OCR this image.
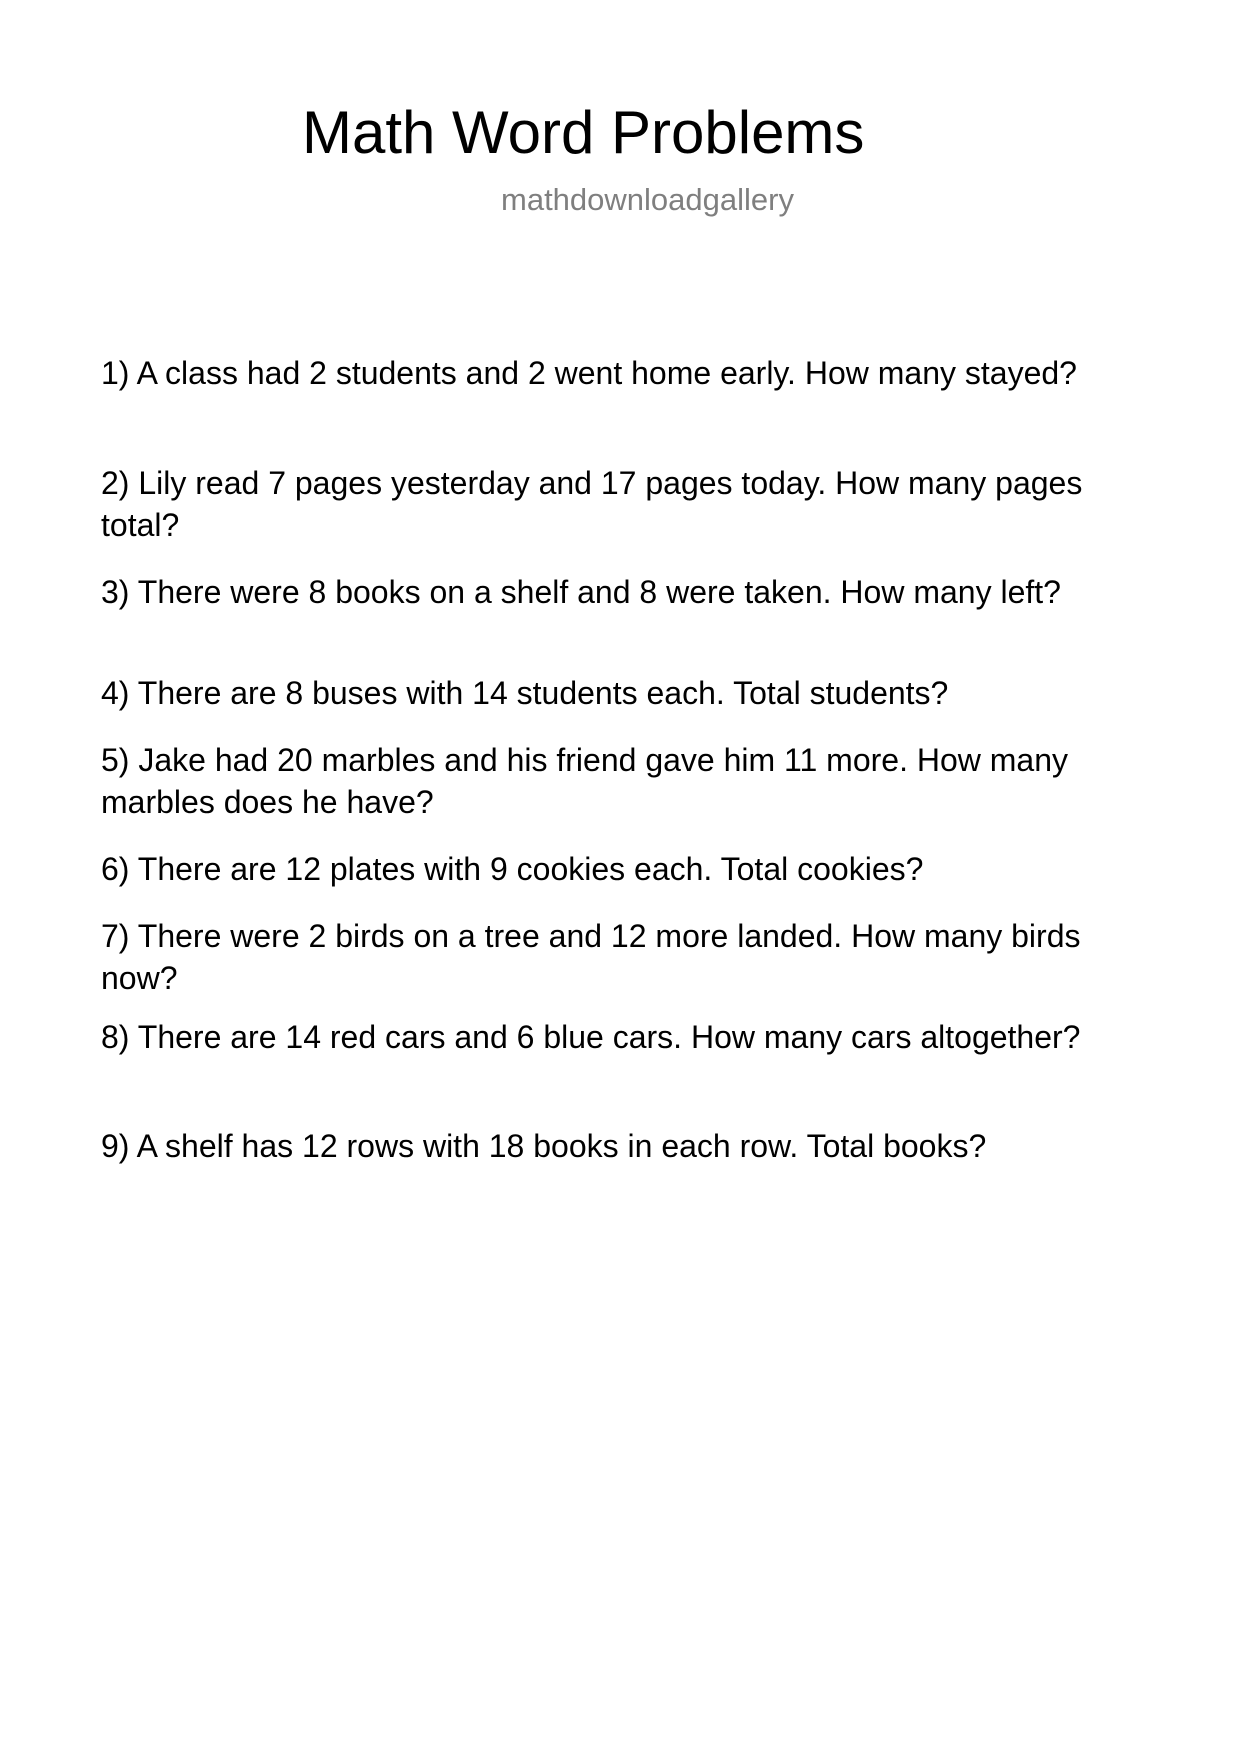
Math Word Problems
mathdownloadgallery
1) A class had 2 students and 2 went home early. How many stayed?
2) Lily read 7 pages yesterday and 17 pages today. How many pages total?
3) There were 8 books on a shelf and 8 were taken. How many left?
4) There are 8 buses with 14 students each. Total students?
5) Jake had 20 marbles and his friend gave him 11 more. How many marbles does he have?
6) There are 12 plates with 9 cookies each. Total cookies?
7) There were 2 birds on a tree and 12 more landed. How many birds now?
8) There are 14 red cars and 6 blue cars. How many cars altogether?
9) A shelf has 12 rows with 18 books in each row. Total books?
